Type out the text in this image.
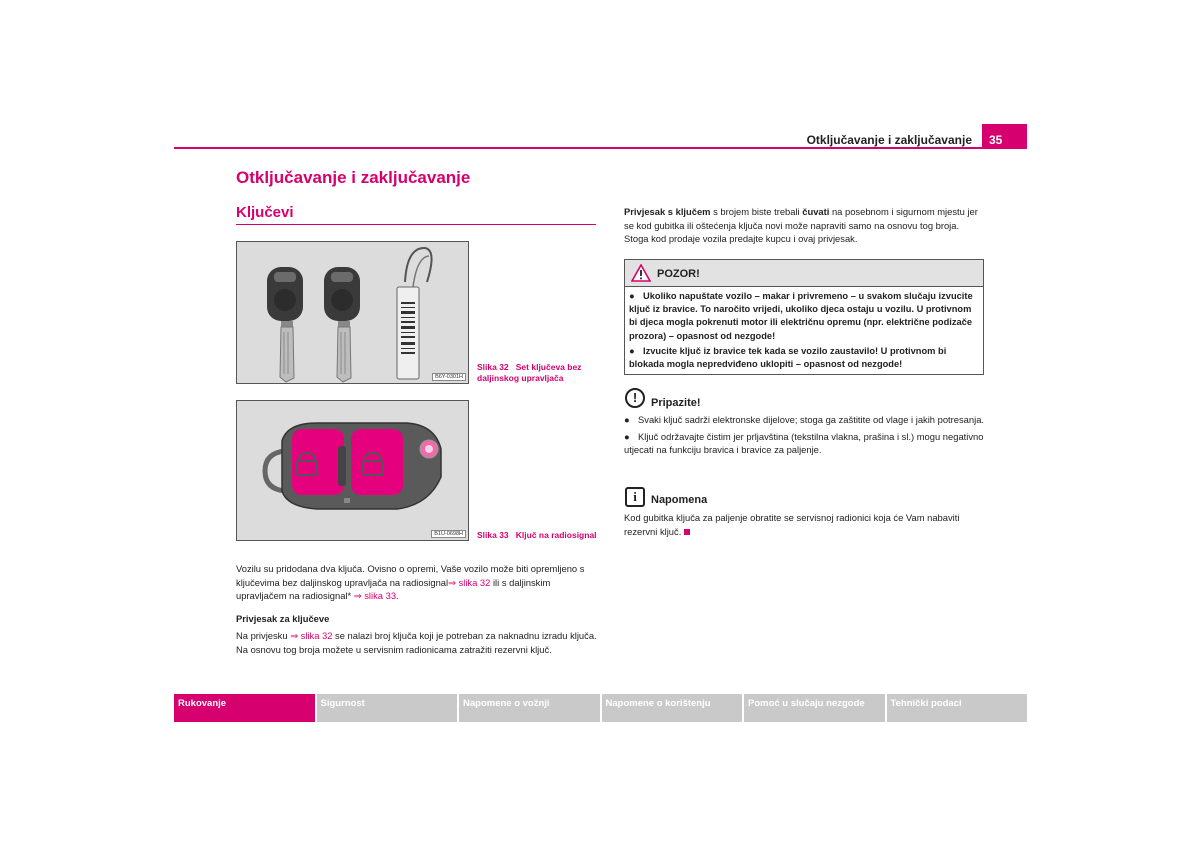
Otključavanje i zaključavanje	35
Otključavanje i zaključavanje
Ključevi
B6Y-0301H
Slika 32 Set ključeva bez daljinskog upravljača
B1U-0698H	Slika 33 Ključ na radiosignal
Vozilu su pridodana dva ključa. Ovisno o opremi, Vaše vozilo može biti opremljeno s ključevima bez daljinskog upravljača na radiosignal⇒ slika 32 ili s daljinskim upravljačem na radiosignal* ⇒ slika 33.
Privjesak za ključeve
Na privjesku ⇒ slika 32 se nalazi broj ključa koji je potreban za naknadnu izradu ključa. Na osnovu tog broja možete u servisnim radionicama zatražiti rezervni ključ.
Privjesak s ključem s brojem biste trebali čuvati na posebnom i sigurnom mjestu jer se kod gubitka ili oštećenja ključa novi može napraviti samo na osnovu tog broja. Stoga kod prodaje vozila predajte kupcu i ovaj privjesak.
POZOR!

● Ukoliko napuštate vozilo – makar i privremeno – u svakom slučaju izvucite ključ iz bravice. To naročito vrijedi, ukoliko djeca ostaju u vozilu. U protivnom bi djeca mogla pokrenuti motor ili električnu opremu (npr. električne podizače prozora) – opasnost od nezgode!

● Izvucite ključ iz bravice tek kada se vozilo zaustavilo! U protivnom bi blokada mogla nepredviđeno uklopiti – opasnost od nezgode!

!	Pripazite!

● Svaki ključ sadrži elektronske dijelove; stoga ga zaštitite od vlage i jakih potresanja.

● Ključ održavajte čistim jer prljavština (tekstilna vlakna, prašina i sl.) mogu negativno utjecati na funkciju bravica i bravice za paljenje.

i	Napomena
Kod gubitka ključa za paljenje obratite se servisnoj radionici koja će Vam nabaviti rezervni ključ.
Rukovanje	Sigurnost	Napomene o vožnji	Napomene o korištenju	Pomoć u slučaju nezgode	Tehnički podaci
